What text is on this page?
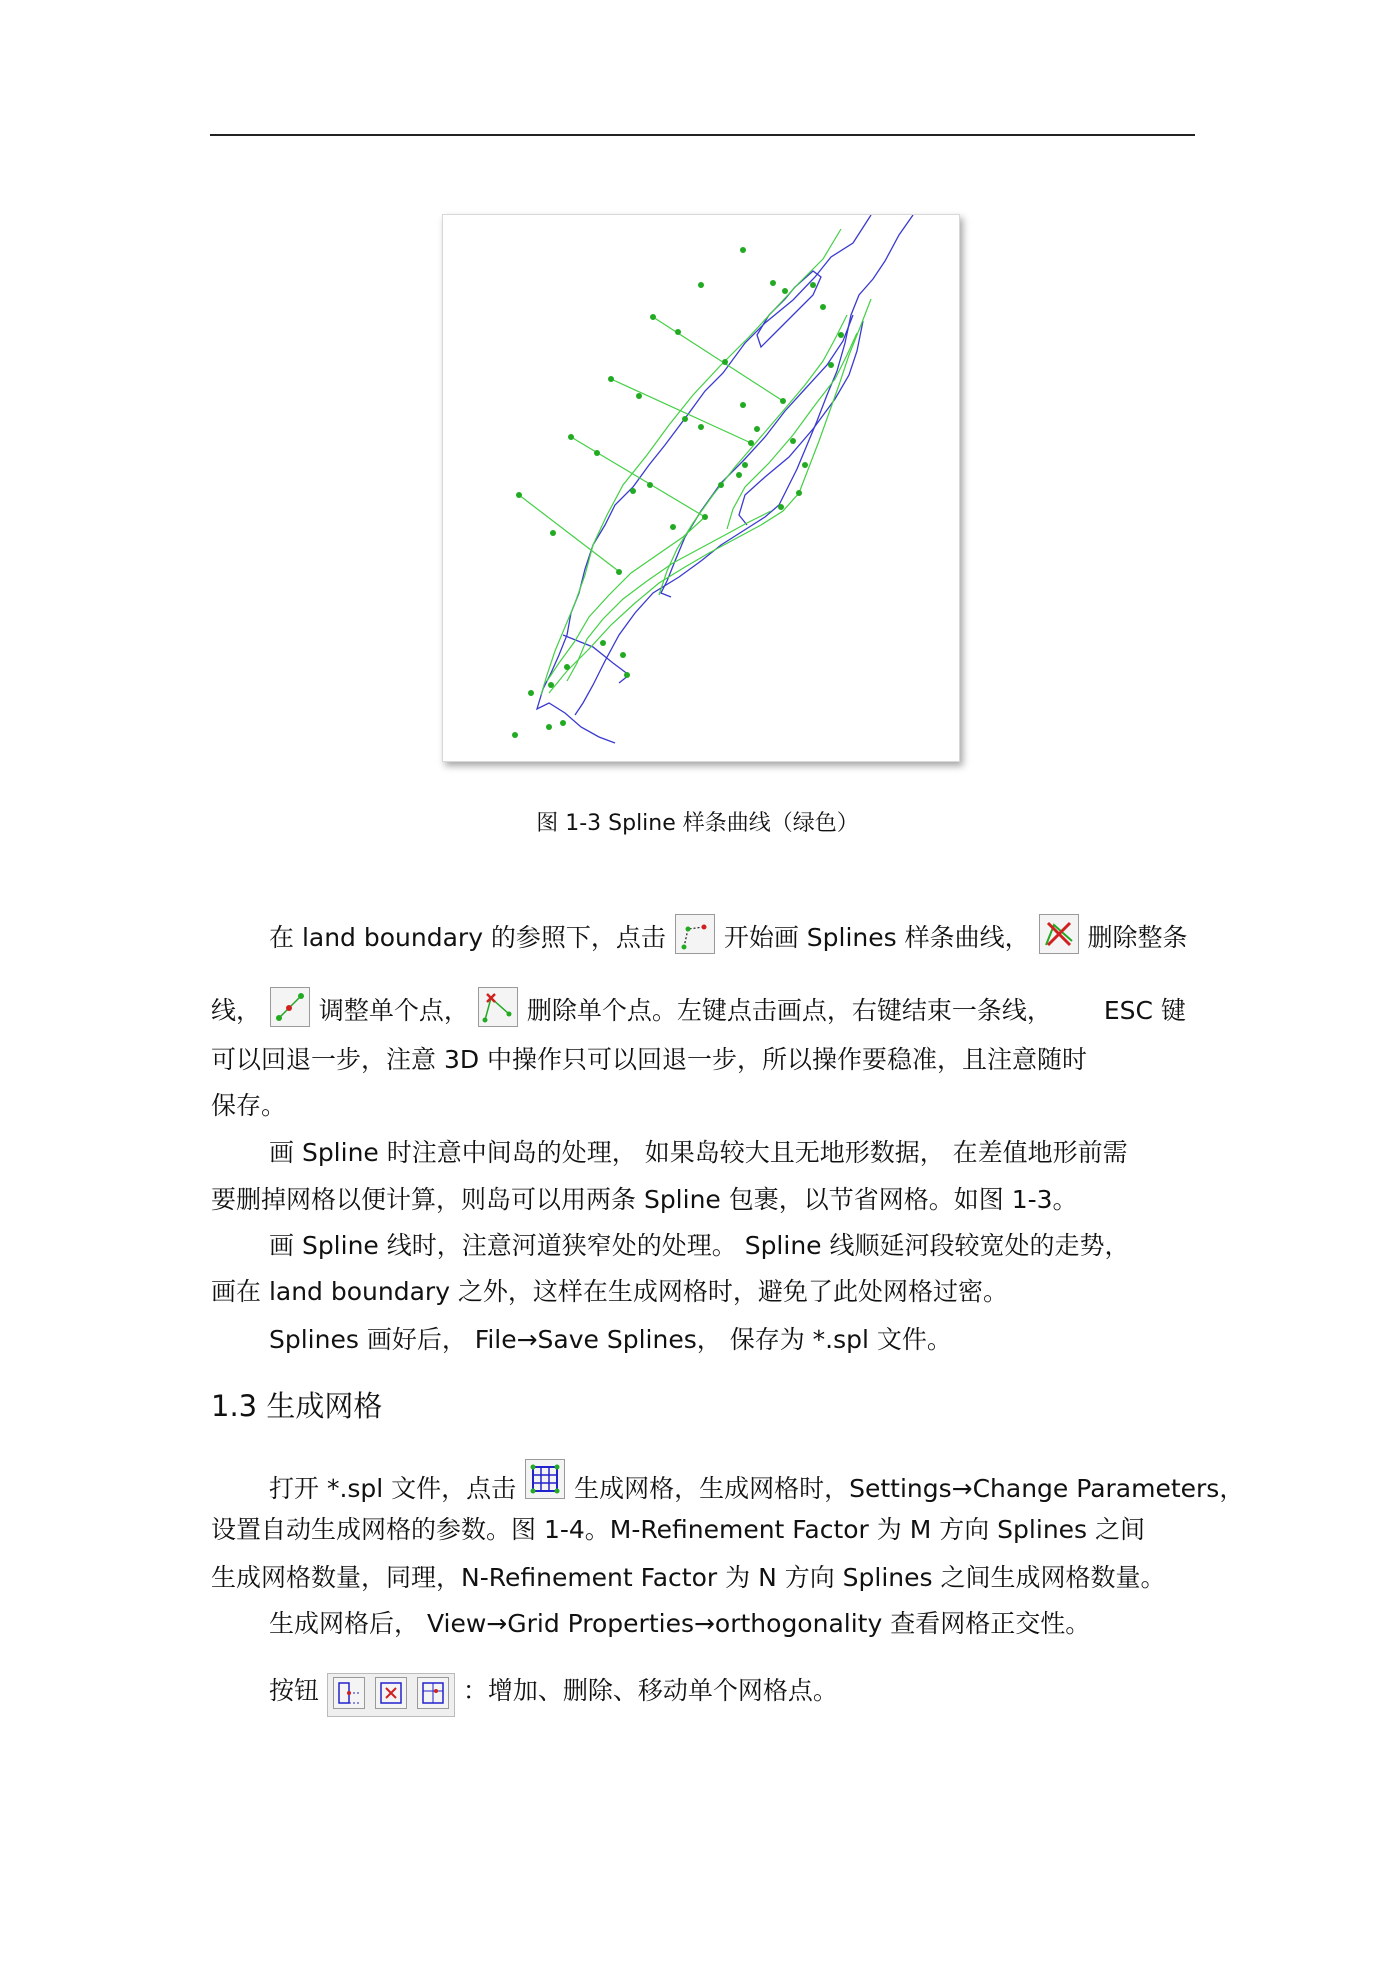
图 1-3 Spline 样条曲线（绿色）
在 land boundary 的参照下，点击 开始画 Splines 样条曲线， 删除整条
线， 调整单个点， 删除单个点。左键点击画点，右键结束一条线， ESC 键
可以回退一步，注意 3D 中操作只可以回退一步，所以操作要稳准，且注意随时
保存。
画 Spline 时注意中间岛的处理， 如果岛较大且无地形数据， 在差值地形前需
要删掉网格以便计算，则岛可以用两条 Spline 包裹，以节省网格。如图 1-3。
画 Spline 线时，注意河道狭窄处的处理。 Spline 线顺延河段较宽处的走势，
画在 land boundary 之外，这样在生成网格时，避免了此处网格过密。
Splines 画好后， File→Save Splines， 保存为 *.spl 文件。
1.3 生成网格
打开 *.spl 文件，点击 生成网格，生成网格时，Settings→Change Parameters，
设置自动生成网格的参数。图 1-4。M-Refinement Factor 为 M 方向 Splines 之间
生成网格数量，同理，N-Refinement Factor 为 N 方向 Splines 之间生成网格数量。
生成网格后， View→Grid Properties→orthogonality 查看网格正交性。
按钮

	：增加、删除、移动单个网格点。
